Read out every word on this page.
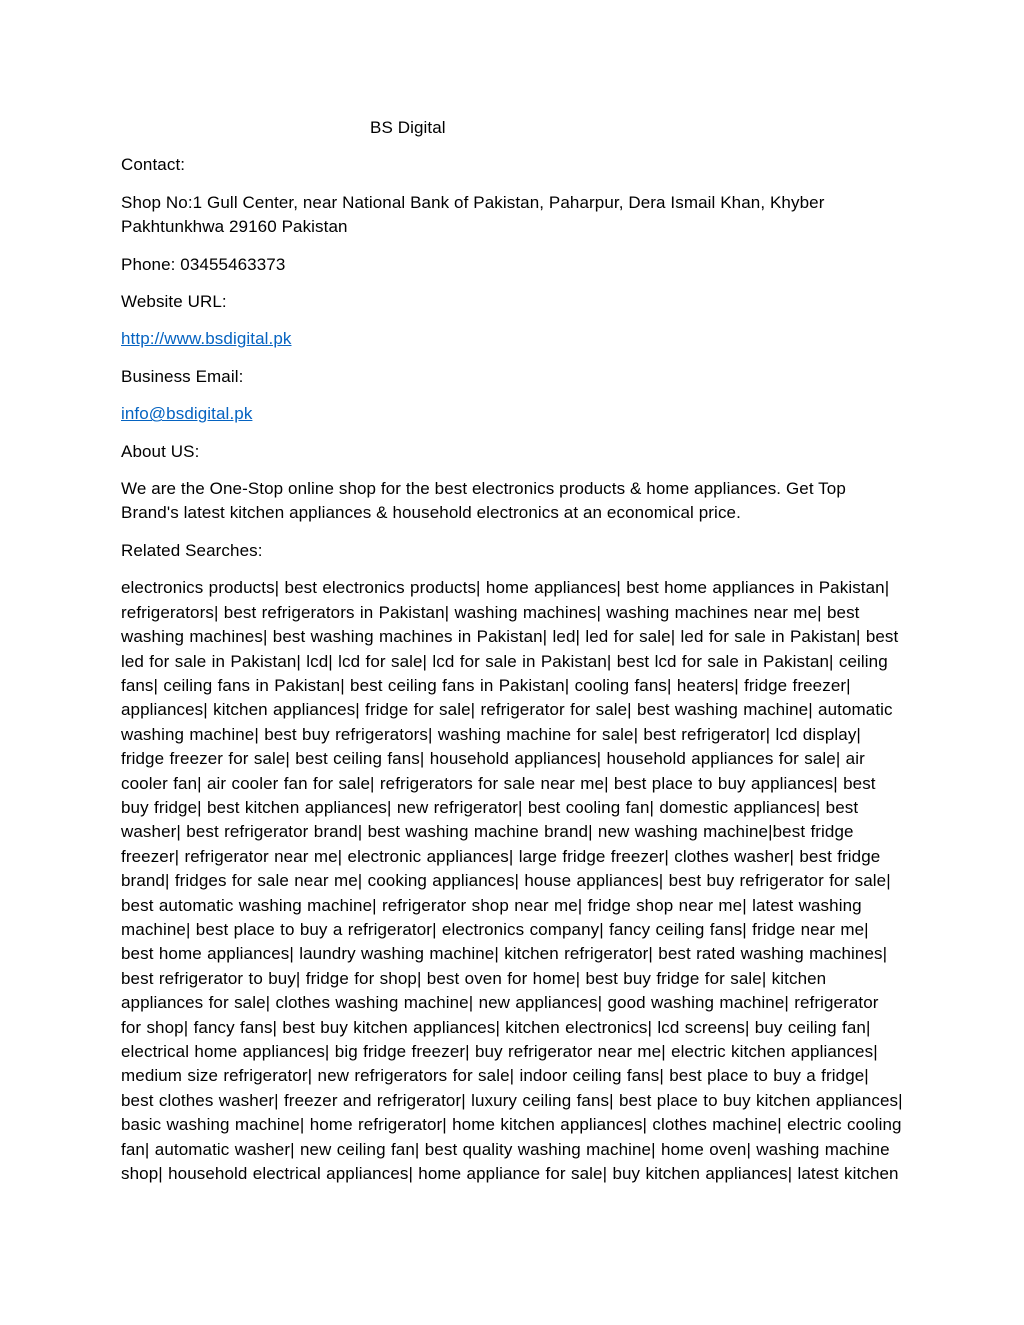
BS Digital

Contact:

Shop No:1 Gull Center, near National Bank of Pakistan, Paharpur, Dera Ismail Khan, Khyber Pakhtunkhwa 29160 Pakistan

Phone: 03455463373

Website URL:

http://www.bsdigital.pk

Business Email:

info@bsdigital.pk

About US:

We are the One-Stop online shop for the best electronics products & home appliances. Get Top Brand's latest kitchen appliances & household electronics at an economical price.

Related Searches:

electronics products| best electronics products| home appliances| best home appliances in Pakistan| refrigerators| best refrigerators in Pakistan| washing machines| washing machines near me| best washing machines| best washing machines in Pakistan| led| led for sale| led for sale in Pakistan| best led for sale in Pakistan| lcd| lcd for sale| lcd for sale in Pakistan| best lcd for sale in Pakistan| ceiling fans| ceiling fans in Pakistan| best ceiling fans in Pakistan| cooling fans| heaters| fridge freezer| appliances| kitchen appliances| fridge for sale| refrigerator for sale| best washing machine| automatic washing machine| best buy refrigerators| washing machine for sale| best refrigerator| lcd display| fridge freezer for sale| best ceiling fans| household appliances| household appliances for sale| air cooler fan| air cooler fan for sale| refrigerators for sale near me| best place to buy appliances| best buy fridge| best kitchen appliances| new refrigerator| best cooling fan| domestic appliances| best washer| best refrigerator brand| best washing machine brand| new washing machine|best fridge freezer| refrigerator near me| electronic appliances| large fridge freezer| clothes washer| best fridge brand| fridges for sale near me| cooking appliances| house appliances| best buy refrigerator for sale| best automatic washing machine| refrigerator shop near me| fridge shop near me| latest washing machine| best place to buy a refrigerator| electronics company| fancy ceiling fans| fridge near me| best home appliances| laundry washing machine| kitchen refrigerator| best rated washing machines| best refrigerator to buy| fridge for shop| best oven for home| best buy fridge for sale| kitchen appliances for sale| clothes washing machine| new appliances| good washing machine| refrigerator for shop| fancy fans| best buy kitchen appliances| kitchen electronics| lcd screens| buy ceiling fan| electrical home appliances| big fridge freezer| buy refrigerator near me| electric kitchen appliances| medium size refrigerator| new refrigerators for sale| indoor ceiling fans| best place to buy a fridge| best clothes washer| freezer and refrigerator| luxury ceiling fans| best place to buy kitchen appliances| basic washing machine| home refrigerator| home kitchen appliances| clothes machine| electric cooling fan| automatic washer| new ceiling fan| best quality washing machine| home oven| washing machine shop| household electrical appliances| home appliance for sale| buy kitchen appliances| latest kitchen
